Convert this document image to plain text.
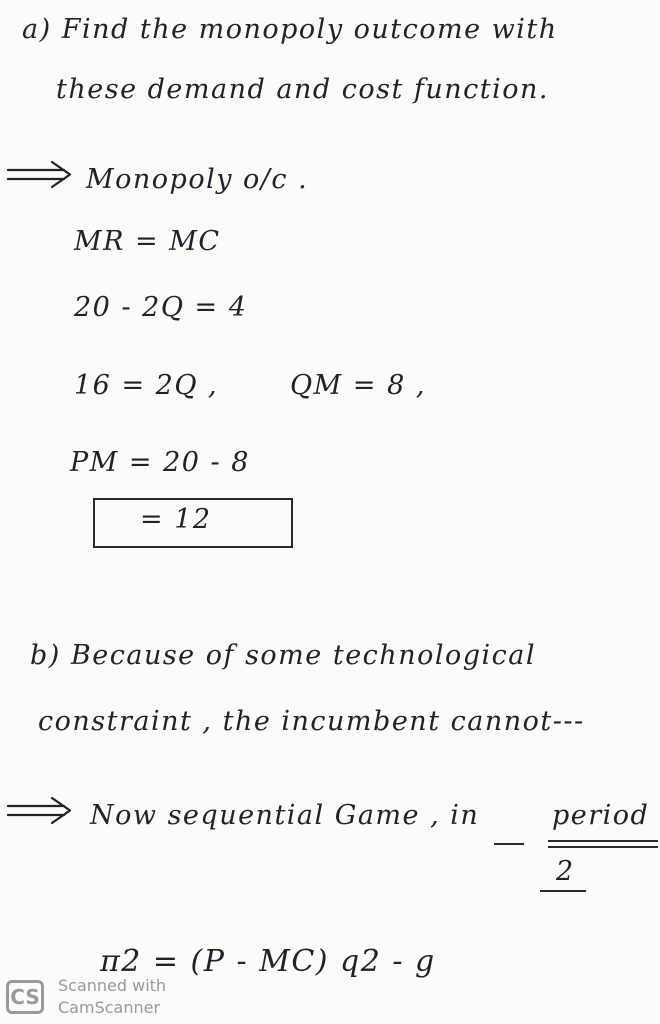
a) Find the monopoly outcome with
these demand and cost function.
Monopoly o/c .
MR = MC
20 - 2Q = 4
16 = 2Q ,	QM = 8 ,
PM = 20 - 8
= 12
b) Because of some technological
constraint , the incumbent cannot---
Now sequential Game , in	period
2
π2 = (P - MC) q2 - g
CS Scanned with
CamScanner
